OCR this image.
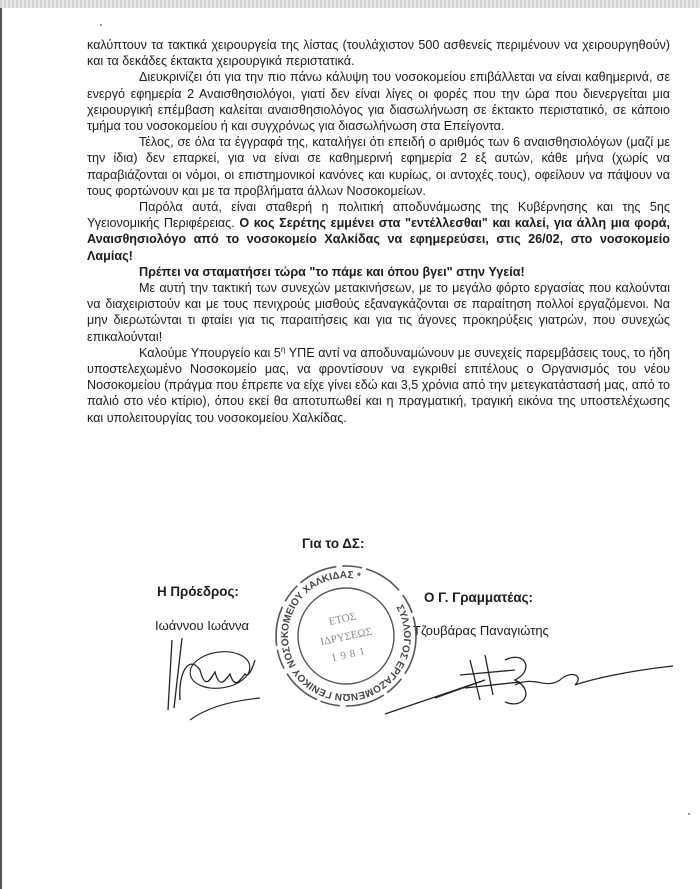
καλύπτουν τα τακτικά χειρουργεία της λίστας (τουλάχιστον 500 ασθενείς περιμένουν να χειρουργηθούν) και τα δεκάδες έκτακτα χειρουργικά περιστατικά.

Διευκρινίζει ότι για την πιο πάνω κάλυψη του νοσοκομείου επιβάλλεται να είναι καθημερινά, σε ενεργό εφημερία 2 Αναισθησιολόγοι, γιατί δεν είναι λίγες οι φορές που την ώρα που διενεργείται μια χειρουργική επέμβαση καλείται αναισθησιολόγος για διασωλήνωση σε έκτακτο περιστατικό, σε κάποιο τμήμα του νοσοκομείου ή και συγχρόνως για διασωλήνωση στα Επείγοντα.

Τέλος, σε όλα τα έγγραφά της, καταλήγει ότι επειδή ο αριθμός των 6 αναισθησιολόγων (μαζί με την ίδια) δεν επαρκεί, για να είναι σε καθημερινή εφημερία 2 εξ αυτών, κάθε μήνα (χωρίς να παραβιάζονται οι νόμοι, οι επιστημονικοί κανόνες και κυρίως, οι αντοχές τους), οφείλουν να πάψουν να τους φορτώνουν και με τα προβλήματα άλλων Νοσοκομείων.

Παρόλα αυτά, είναι σταθερή η πολιτική αποδυνάμωσης της Κυβέρνησης και της 5ης Υγειονομικής Περιφέρειας. Ο κος Σερέτης εμμένει στα "εντέλλεσθαι" και καλεί, για άλλη μια φορά, Αναισθησιολόγο από το νοσοκομείο Χαλκίδας να εφημερεύσει, στις 26/02, στο νοσοκομείο Λαμίας!

Πρέπει να σταματήσει τώρα "το πάμε και όπου βγει" στην Υγεία!

Με αυτή την τακτική των συνεχών μετακινήσεων, με το μεγάλο φόρτο εργασίας που καλούνται να διαχειριστούν και με τους πενιχρούς μισθούς εξαναγκάζονται σε παραίτηση πολλοί εργαζόμενοι. Να μην διερωτώνται τι φταίει για τις παραιτήσεις και για τις άγονες προκηρύξεις γιατρών, που συνεχώς επικαλούνται!

Καλούμε Υπουργείο και $5^\eta$ ΥΠΕ αντί να αποδυναμώνουν με συνεχείς παρεμβάσεις τους, το ήδη υποστελεχωμένο Νοσοκομείο μας, να φροντίσουν να εγκριθεί επιτέλους ο Οργανισμός του νέου Νοσοκομείου (πράγμα που έπρεπε να είχε γίνει εδώ και 3,5 χρόνια από την μετεγκατάστασή μας, από το παλιό στο νέο κτίριο), όπου εκεί θα αποτυπωθεί και η πραγματική, τραγική εικόνα της υποστελέχωσης και υπολειτουργίας του νοσοκομείου Χαλκίδας.

Για το ΔΣ:
Η Πρόεδρος:
Ιωάννου Ιωάννα
Ο Γ. Γραμματέας:
Τζουβάρας Παναγιώτης
ΣΥΛΛΟΓΟΣ ΕΡΓΑΖΟΜΕΝΩΝ ΓΕΝΙΚΟΥ ΝΟΣΟΚΟΜΕΙΟΥ ΧΑΛΚΙΔΑΣ *
ΕΤΟΣ
ΙΔΡΥΣΕΩΣ
1981
